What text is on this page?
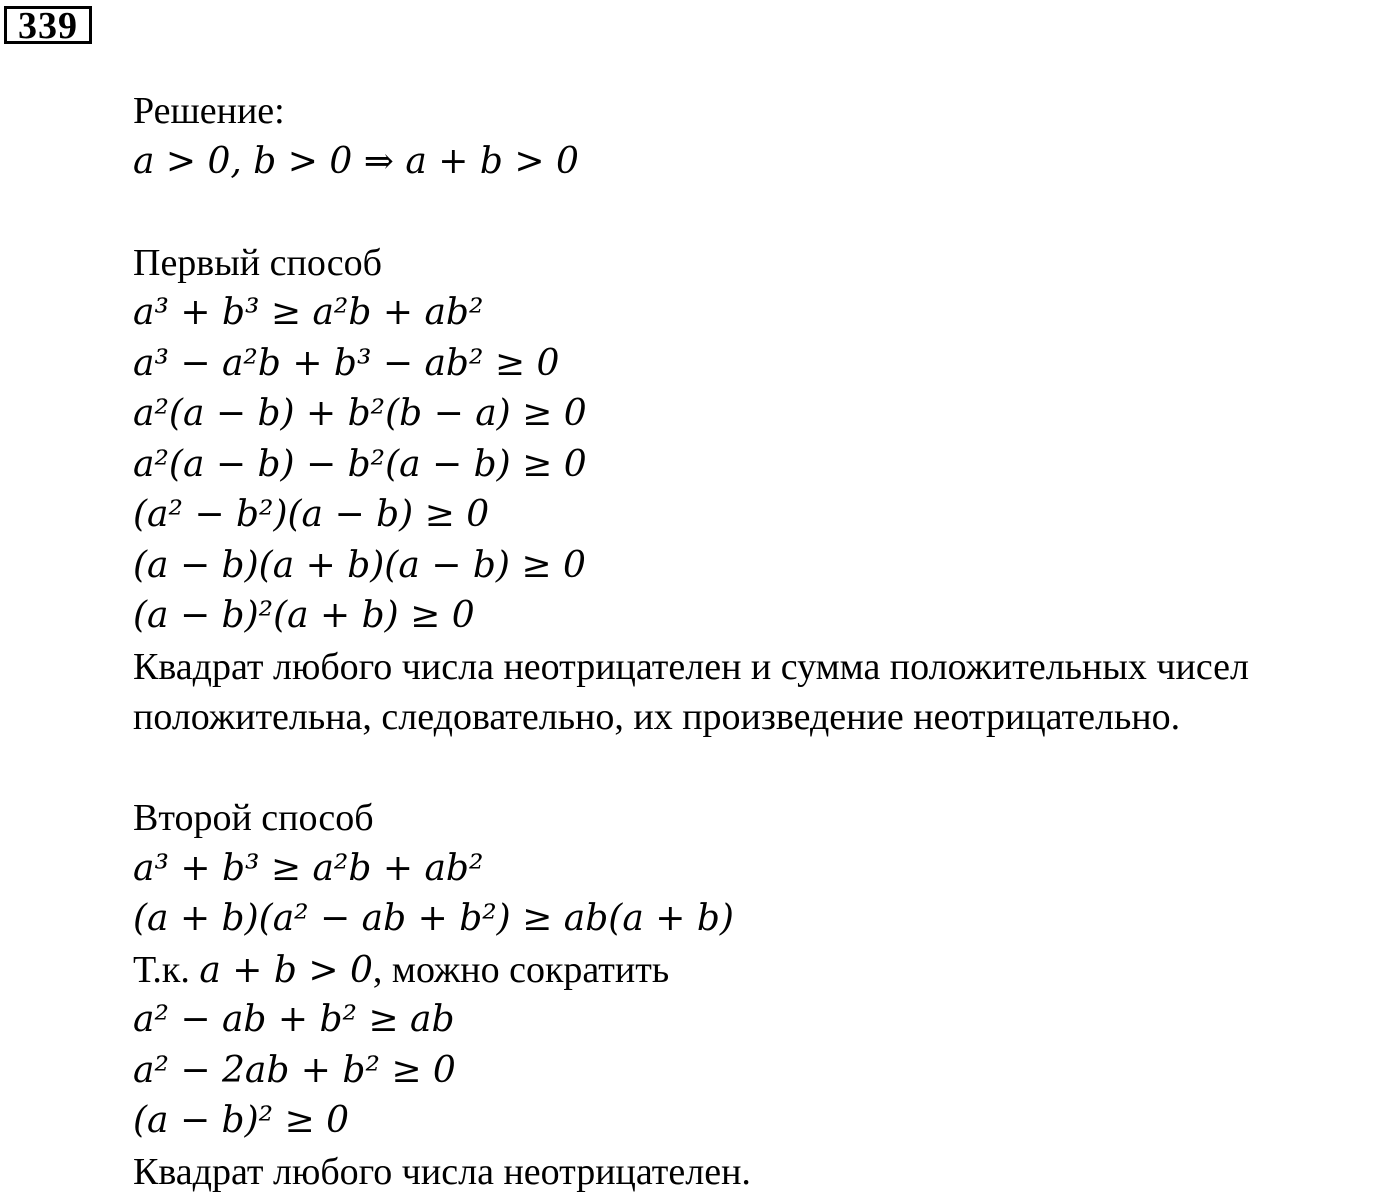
339
Решение:
a > 0, b > 0 ⇒ a + b > 0
Первый способ
a³ + b³ ≥ a²b + ab²
a³ − a²b + b³ − ab² ≥ 0
a²(a − b) + b²(b − a) ≥ 0
a²(a − b) − b²(a − b) ≥ 0
(a² − b²)(a − b) ≥ 0
(a − b)(a + b)(a − b) ≥ 0
(a − b)²(a + b) ≥ 0
Квадрат любого числа неотрицателен и сумма положительных чисел
положительна, следовательно, их произведение неотрицательно.
Второй способ
a³ + b³ ≥ a²b + ab²
(a + b)(a² − ab + b²) ≥ ab(a + b)
Т.к. a + b > 0, можно сократить
a² − ab + b² ≥ ab
a² − 2ab + b² ≥ 0
(a − b)² ≥ 0
Квадрат любого числа неотрицателен.
